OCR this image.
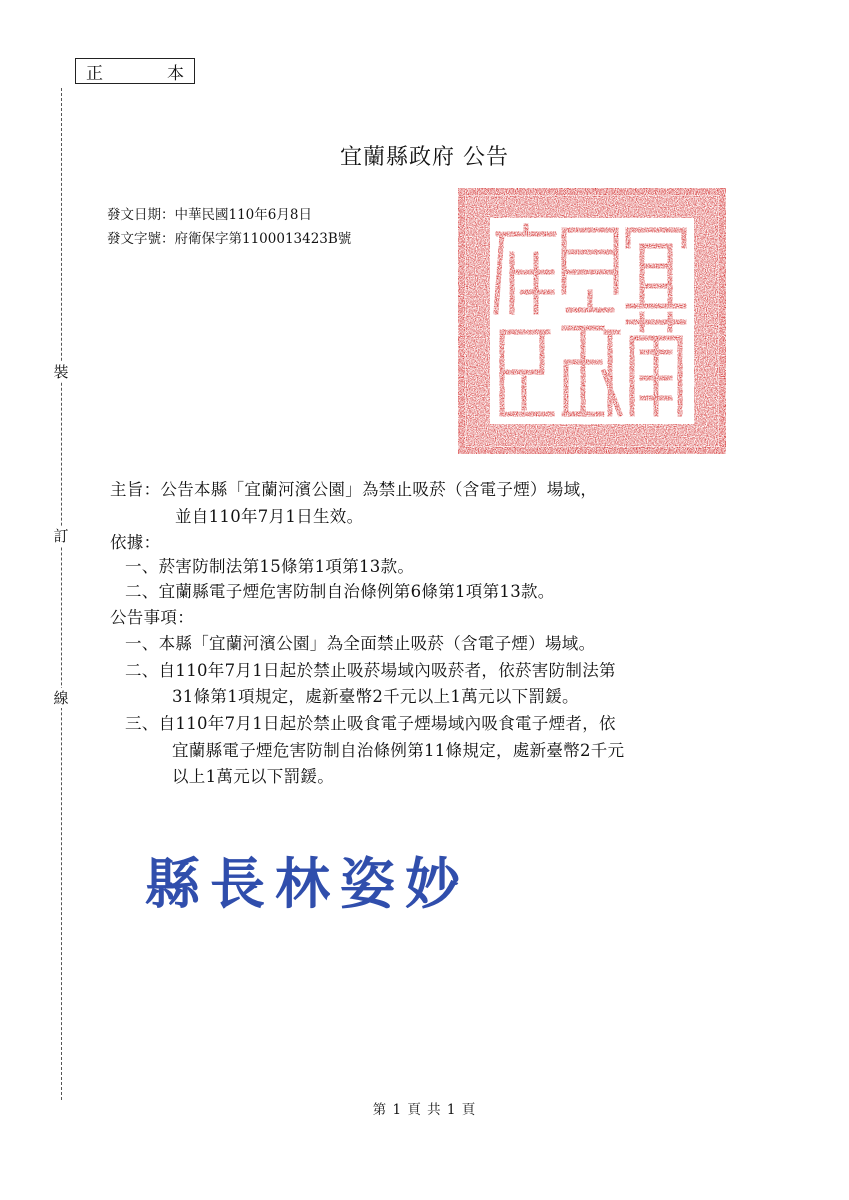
正	本
裝
訂
線
宜蘭縣政府 公告
發文日期：中華民國110年6月8日
發文字號：府衛保字第1100013423B號
主旨：公告本縣「宜蘭河濱公園」為禁止吸菸（含電子煙）場域，
並自110年7月1日生效。
依據：
一、菸害防制法第15條第1項第13款。
二、宜蘭縣電子煙危害防制自治條例第6條第1項第13款。
公告事項：
一、本縣「宜蘭河濱公園」為全面禁止吸菸（含電子煙）場域。
二、自110年7月1日起於禁止吸菸場域內吸菸者，依菸害防制法第
31條第1項規定，處新臺幣2千元以上1萬元以下罰鍰。
三、自110年7月1日起於禁止吸食電子煙場域內吸食電子煙者，依
宜蘭縣電子煙危害防制自治條例第11條規定，處新臺幣2千元
以上1萬元以下罰鍰。
縣長林姿妙
第 1 頁 共 1 頁
